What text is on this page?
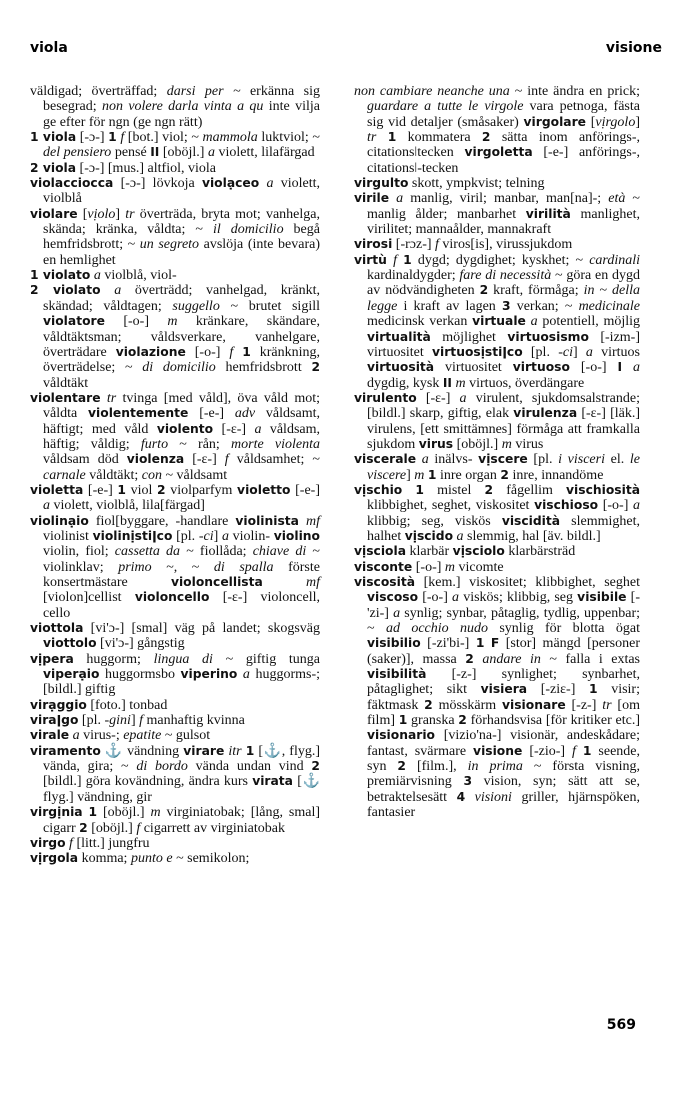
viola	visione

väldigad; överträffad; darsi per ~ erkänna sig besegrad; non volere darla vinta a qu inte vilja ge efter för ngn (ge ngn rätt)

1 viola [-ɔ-] 1 f [bot.] viol; ~ mammola luktviol; ~ del pensiero pensé II [oböjl.] a violett, lilafärgad

2 viola [-ɔ-] [mus.] altfiol, viola

violacciocca [-ɔ-] lövkoja violạceo a violett, violblå

violare [vịolo] tr överträda, bryta mot; vanhelga, skända; kränka, våldta; ~ il domicilio begå hemfridsbrott; ~ un segreto avslöja (inte bevara) en hemlighet

1 violato a violblå, viol-

2 violato a överträdd; vanhelgad, kränkt, skändad; våldtagen; suggello ~ brutet sigill violatore [-o-] m kränkare, skändare, våldtäktsman; våldsverkare, vanhelgare, överträdare violazione [-o-] f 1 kränkning, överträdelse; ~ di domicilio hemfridsbrott 2 våldtäkt

violentare tr tvinga [med våld], öva våld mot; våldta violentemente [-e-] adv våldsamt, häftigt; med våld violento [-ɛ-] a våldsam, häftig; våldig; furto ~ rån; morte violenta våldsam död violenza [-ɛ-] f våldsamhet; ~ carnale våldtäkt; con ~ våldsamt

violetta [-e-] 1 viol 2 violparfym violetto [-e-] a violett, violblå, lila[färgad]

violinạio fiol[byggare, -handlare violinista mf violinist violinịstiǀco [pl. -ci] a violin- violino violin, fiol; cassetta da ~ fiollåda; chiave di ~ violinklav; primo ~, ~ di spalla förste konsertmästare violoncellista	mf [violon]cellist violoncello [-ɛ-] violoncell, cello

viottola [vi'ɔ-] [smal] väg på landet; skogsväg viottolo [vi'ɔ-] gångstig

vịpera huggorm; lingua di ~ giftig tunga viperạio huggormsbo viperino a huggorms-; [bildl.] giftig

virạggio [foto.] tonbad

viraǀgo [pl. -gini] f manhaftig kvinna

virale a virus-; epatite ~ gulsot

viramento ⚓ vändning virare itr 1 [⚓, flyg.] vända, gira; ~ di bordo vända undan vind 2 [bildl.] göra kovändning, ändra kurs virata [⚓ flyg.] vändning, gir

virgịnia 1 [oböjl.] m virginiatobak; [lång, smal] cigarr 2 [oböjl.] f cigarrett av virginiatobak

virgo f [litt.] jungfru

vịrgola komma; punto e ~ semikolon;

non cambiare neanche una ~ inte ändra en prick; guardare a tutte le virgole vara petnoga, fästa sig vid detaljer (småsaker) virgolare [vịrgolo] tr 1 kommatera 2 sätta inom anförings-, citationsǀtecken virgoletta [-e-] anförings-, citationsǀ-tecken

virgulto skott, ympkvist; telning

virile a manlig, viril; manbar, man[na]-; età ~ manlig ålder; manbarhet virilità manlighet, virilitet; mannaålder, mannakraft

virosi [-rɔz-] f viros[is], virussjukdom

virtù f 1 dygd; dygdighet; kyskhet; ~ cardinali kardinaldygder; fare di necessità ~ göra en dygd av nödvändigheten 2 kraft, förmåga; in ~ della legge i kraft av lagen 3 verkan; ~ medicinale medicinsk verkan virtuale a potentiell, möjlig virtualità möjlighet virtuosismo [-izm-] virtuositet virtuosịstiǀco [pl. -ci] a virtuos virtuosità virtuositet virtuoso [-o-] I a dygdig, kysk II m virtuos, överdängare

virulento [-ɛ-] a virulent, sjukdomsalstrande; [bildl.] skarp, giftig, elak virulenza [-ɛ-] [läk.] virulens, [ett smittämnes] förmåga att framkalla sjukdom virus [oböjl.] m virus

viscerale a inälvs- vịscere [pl. i visceri el. le viscere] m 1 inre organ 2 inre, innandöme

vịschio 1 mistel 2 fågellim vischiosità klibbighet, seghet, viskositet vischioso [-o-] a klibbig; seg, viskös viscidità slemmighet, halhet vịscido a slemmig, hal [äv. bildl.]

vịsciola klarbär vịsciolo klarbärsträd

visconte [-o-] m vicomte

viscosità [kem.] viskositet; klibbighet, seghet viscoso [-o-] a viskös; klibbig, seg visibile [-'zi-] a synlig; synbar, påtaglig, tydlig, uppenbar; ~ ad occhio nudo synlig för blotta ögat visibilio [-zi'bi-] 1 F [stor] mängd [personer (saker)], massa 2 andare in ~ falla i extas visibilità [-z-] synlighet; synbarhet, påtaglighet; sikt visiera [-ziɛ-] 1 visir; fäktmask 2 mösskärm visionare [-z-] tr [om film] 1 granska 2 förhandsvisa [för kritiker etc.] visionario [vizio'na-] visionär, andeskådare; fantast, svärmare visione [-zio-] f 1 seende, syn 2 [film.], in prima ~ första visning, premiärvisning 3 vision, syn; sätt att se, betraktelsesätt 4 visioni griller, hjärnspöken, fantasier

569
